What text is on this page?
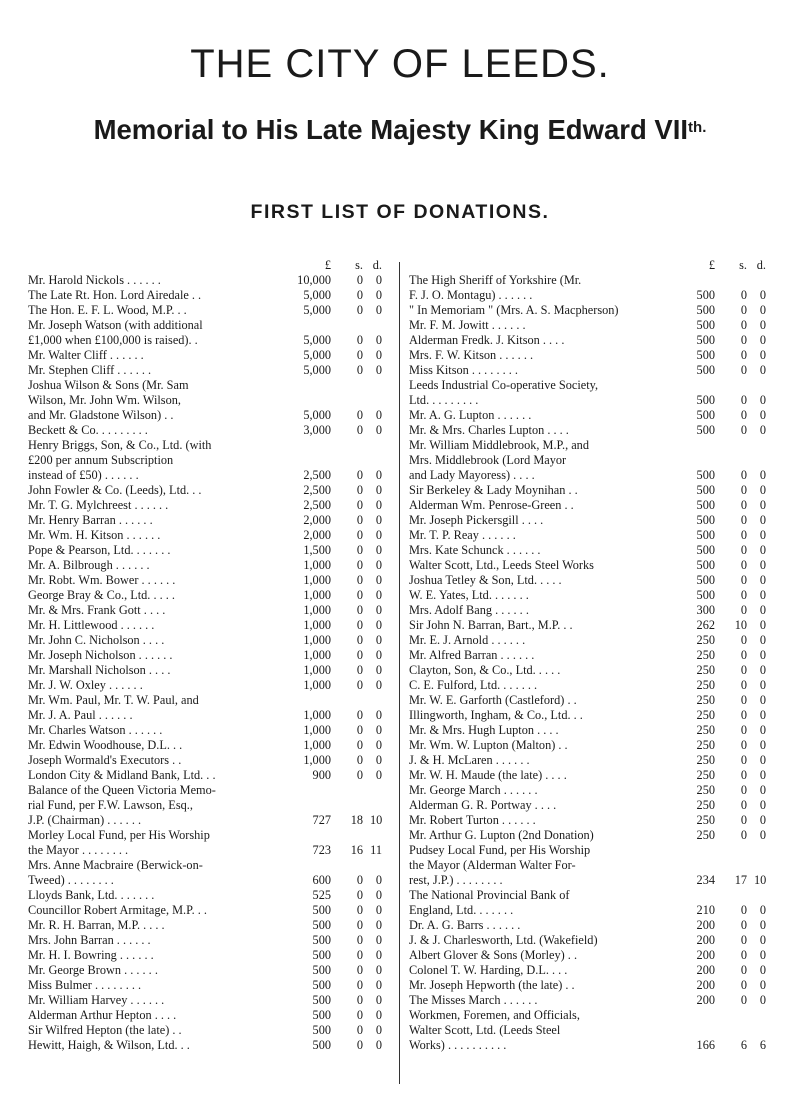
THE CITY OF LEEDS.
Memorial to His Late Majesty King Edward $VII^{th.}$
FIRST LIST OF DONATIONS.
£	s. d.
Mr. Harold Nickols . . . . . .	10,000	0	0
The Late Rt. Hon. Lord Airedale . .	5,000	0	0
The Hon. E. F. L. Wood, M.P. . .	5,000	0	0
Mr. Joseph Watson (with additional
£1,000 when £100,000 is raised). .	5,000	0	0
Mr. Walter Cliff . . . . . .	5,000	0	0
Mr. Stephen Cliff . . . . . .	5,000	0	0
Joshua Wilson & Sons (Mr. Sam
Wilson, Mr. John Wm. Wilson,
and Mr. Gladstone Wilson) . .	5,000	0	0
Beckett & Co. . . . . . . . .	3,000	0	0
Henry Briggs, Son, & Co., Ltd. (with
£200 per annum Subscription
instead of £50) . . . . . .	2,500	0	0
John Fowler & Co. (Leeds), Ltd. . .	2,500	0	0
Mr. T. G. Mylchreest . . . . . .	2,500	0	0
Mr. Henry Barran . . . . . .	2,000	0	0
Mr. Wm. H. Kitson . . . . . .	2,000	0	0
Pope & Pearson, Ltd. . . . . . .	1,500	0	0
Mr. A. Bilbrough . . . . . .	1,000	0	0
Mr. Robt. Wm. Bower . . . . . .	1,000	0	0
George Bray & Co., Ltd. . . . .	1,000	0	0
Mr. & Mrs. Frank Gott . . . .	1,000	0	0
Mr. H. Littlewood . . . . . .	1,000	0	0
Mr. John C. Nicholson . . . .	1,000	0	0
Mr. Joseph Nicholson . . . . . .	1,000	0	0
Mr. Marshall Nicholson . . . .	1,000	0	0
Mr. J. W. Oxley . . . . . .	1,000	0	0
Mr. Wm. Paul, Mr. T. W. Paul, and
Mr. J. A. Paul . . . . . .	1,000	0	0
Mr. Charles Watson . . . . . .	1,000	0	0
Mr. Edwin Woodhouse, D.L. . .	1,000	0	0
Joseph Wormald's Executors . .	1,000	0	0
London City & Midland Bank, Ltd. . .	900	0	0
Balance of the Queen Victoria Memo-
rial Fund, per F.W. Lawson, Esq.,
J.P. (Chairman) . . . . . .	727	18 10
Morley Local Fund, per His Worship
the Mayor . . . . . . . .	723	16 11
Mrs. Anne Macbraire (Berwick-on-
Tweed) . . . . . . . .	600	0	0
Lloyds Bank, Ltd. . . . . . .	525	0	0
Councillor Robert Armitage, M.P. . .	500	0	0
Mr. R. H. Barran, M.P. . . . .	500	0	0
Mrs. John Barran . . . . . .	500	0	0
Mr. H. I. Bowring . . . . . .	500	0	0
Mr. George Brown . . . . . .	500	0	0
Miss Bulmer . . . . . . . .	500	0	0
Mr. William Harvey . . . . . .	500	0	0
Alderman Arthur Hepton . . . .	500	0	0
Sir Wilfred Hepton (the late) . .	500	0	0
Hewitt, Haigh, & Wilson, Ltd. . .	500	0	0
£	s. d.
The High Sheriff of Yorkshire (Mr.
F. J. O. Montagu) . . . . . .	500	0	0
" In Memoriam " (Mrs. A. S. Macpherson)	500	0	0
Mr. F. M. Jowitt . . . . . .	500	0	0
Alderman Fredk. J. Kitson . . . .	500	0	0
Mrs. F. W. Kitson . . . . . .	500	0	0
Miss Kitson . . . . . . . .	500	0	0
Leeds Industrial Co-operative Society,
Ltd. . . . . . . . .	500	0	0
Mr. A. G. Lupton . . . . . .	500	0	0
Mr. & Mrs. Charles Lupton . . . .	500	0	0
Mr. William Middlebrook, M.P., and
Mrs. Middlebrook (Lord Mayor
and Lady Mayoress) . . . .	500	0	0
Sir Berkeley & Lady Moynihan . .	500	0	0
Alderman Wm. Penrose-Green . .	500	0	0
Mr. Joseph Pickersgill . . . .	500	0	0
Mr. T. P. Reay . . . . . .	500	0	0
Mrs. Kate Schunck . . . . . .	500	0	0
Walter Scott, Ltd., Leeds Steel Works	500	0	0
Joshua Tetley & Son, Ltd. . . . .	500	0	0
W. E. Yates, Ltd. . . . . . .	500	0	0
Mrs. Adolf Bang . . . . . .	300	0	0
Sir John N. Barran, Bart., M.P. . .	262	10	0
Mr. E. J. Arnold . . . . . .	250	0	0
Mr. Alfred Barran . . . . . .	250	0	0
Clayton, Son, & Co., Ltd. . . . .	250	0	0
C. E. Fulford, Ltd. . . . . . .	250	0	0
Mr. W. E. Garforth (Castleford) . .	250	0	0
Illingworth, Ingham, & Co., Ltd. . .	250	0	0
Mr. & Mrs. Hugh Lupton . . . .	250	0	0
Mr. Wm. W. Lupton (Malton) . .	250	0	0
J. & H. McLaren . . . . . .	250	0	0
Mr. W. H. Maude (the late) . . . .	250	0	0
Mr. George March . . . . . .	250	0	0
Alderman G. R. Portway . . . .	250	0	0
Mr. Robert Turton . . . . . .	250	0	0
Mr. Arthur G. Lupton (2nd Donation)	250	0	0
Pudsey Local Fund, per His Worship
the Mayor (Alderman Walter For-
rest, J.P.) . . . . . . . .	234	17 10
The National Provincial Bank of
England, Ltd. . . . . . .	210	0	0
Dr. A. G. Barrs . . . . . .	200	0	0
J. & J. Charlesworth, Ltd. (Wakefield)	200	0	0
Albert Glover & Sons (Morley) . .	200	0	0
Colonel T. W. Harding, D.L. . . .	200	0	0
Mr. Joseph Hepworth (the late) . .	200	0	0
The Misses March . . . . . .	200	0	0
Workmen, Foremen, and Officials,
Walter Scott, Ltd. (Leeds Steel
Works) . . . . . . . . . .	166	6	6
